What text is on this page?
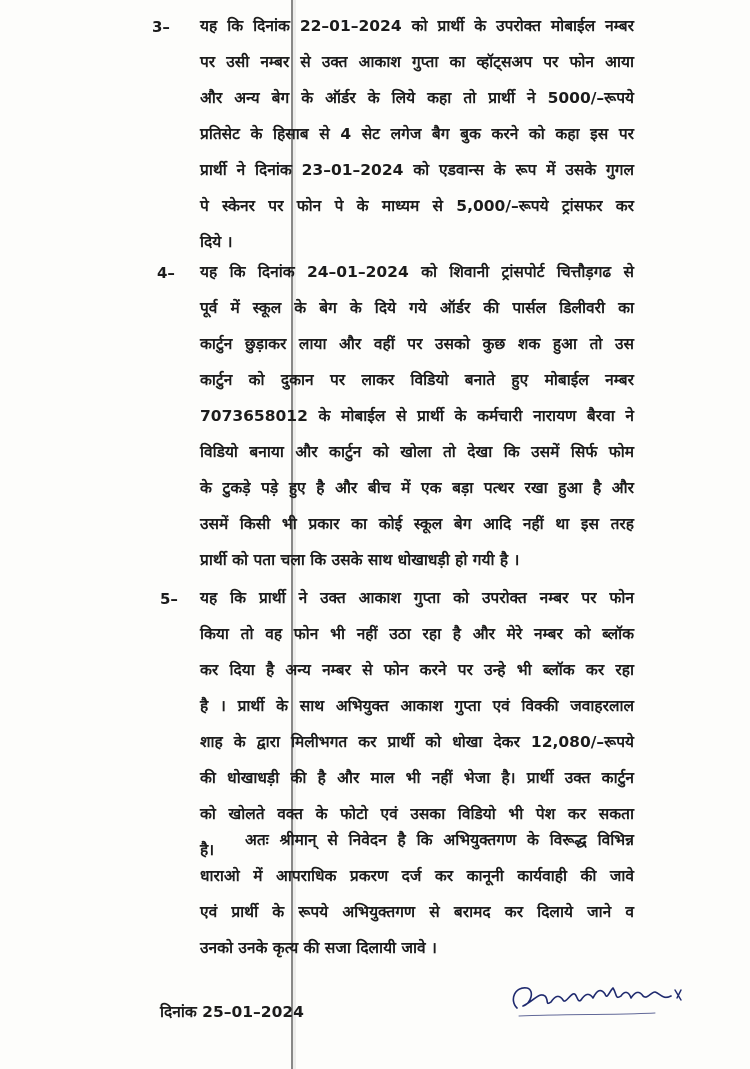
3– यह कि दिनांक 22–01–2024 को प्रार्थी के उपरोक्त मोबाईल नम्बर
पर उसी नम्बर से उक्त आकाश गुप्ता का व्हॉट्सअप पर फोन आया
और अन्य बेग के ऑर्डर के लिये कहा तो प्रार्थी ने 5000/–रूपये
प्रतिसेट के हिसाब से 4 सेट लगेज बैग बुक करने को कहा इस पर
प्रार्थी ने दिनांक 23–01–2024 को एडवान्स के रूप में उसके गुगल
पे स्केनर पर फोन पे के माध्यम से 5,000/–रूपये ट्रांसफर कर
दिये ।
4– यह कि दिनांक 24–01–2024 को शिवानी ट्रांसपोर्ट चित्तौड़गढ से
पूर्व में स्कूल के बेग के दिये गये ऑर्डर की पार्सल डिलीवरी का
कार्टुन छुड़ाकर लाया और वहीं पर उसको कुछ शक हुआ तो उस
कार्टुन को दुकान पर लाकर विडियो बनाते हुए मोबाईल नम्बर
7073658012 के मोबाईल से प्रार्थी के कर्मचारी नारायण बैरवा ने
विडियो बनाया और कार्टुन को खोला तो देखा कि उसमें सिर्फ फोम
के टुकड़े पड़े हुए है और बीच में एक बड़ा पत्थर रखा हुआ है और
उसमें किसी भी प्रकार का कोई स्कूल बेग आदि नहीं था इस तरह
प्रार्थी को पता चला कि उसके साथ धोखाधड़ी हो गयी है ।
5– यह कि प्रार्थी ने उक्त आकाश गुप्ता को उपरोक्त नम्बर पर फोन
किया तो वह फोन भी नहीं उठा रहा है और मेरे नम्बर को ब्लॉक
कर दिया है अन्य नम्बर से फोन करने पर उन्हे भी ब्लॉक कर रहा
है । प्रार्थी के साथ अभियुक्त आकाश गुप्ता एवं विक्की जवाहरलाल
शाह के द्वारा मिलीभगत कर प्रार्थी को धोखा देकर 12,080/–रूपये
की धोखाधड़ी की है और माल भी नहीं भेजा है। प्रार्थी उक्त कार्टुन
को खोलते वक्त के फोटो एवं उसका विडियो भी पेश कर सकता
है।
अतः श्रीमान् से निवेदन है कि अभियुक्तगण के विरूद्ध विभिन्न
धाराओ में आपराधिक प्रकरण दर्ज कर कानूनी कार्यवाही की जावे
एवं प्रार्थी के रूपये अभियुक्तगण से बरामद कर दिलाये जाने व
उनको उनके कृत्य की सजा दिलायी जावे ।
दिनांक 25–01–2024
